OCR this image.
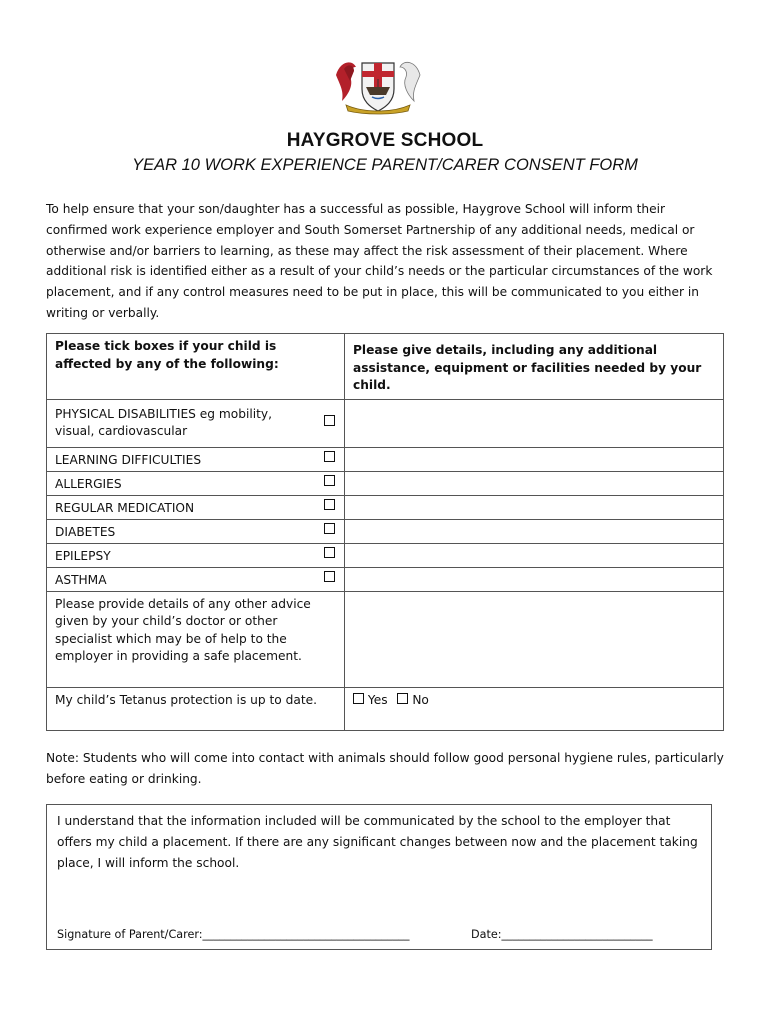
HAYGROVE SCHOOL
YEAR 10 WORK EXPERIENCE PARENT/CARER CONSENT FORM
To help ensure that your son/daughter has a successful as possible, Haygrove School will inform their confirmed work experience employer and South Somerset Partnership of any additional needs, medical or otherwise and/or barriers to learning, as these may affect the risk assessment of their placement. Where additional risk is identified either as a result of your child’s needs or the particular circumstances of the work placement, and if any control measures need to be put in place, this will be communicated to you either in writing or verbally.
Please tick boxes if your child is affected by any of the following:		Please give details, including any additional assistance, equipment or facilities needed by your child.
PHYSICAL DISABILITIES eg mobility, visual, cardiovascular		
LEARNING DIFFICULTIES		
ALLERGIES		
REGULAR MEDICATION		
DIABETES		
EPILEPSY		
ASTHMA		
Please provide details of any other advice given by your child’s doctor or other specialist which may be of help to the employer in providing a safe placement.		
My child’s Tetanus protection is up to date.		Yes No
Note: Students who will come into contact with animals should follow good personal hygiene rules, particularly before eating or drinking.
I understand that the information included will be communicated by the school to the employer that offers my child a placement. If there are any significant changes between now and the placement taking place, I will inform the school.
Signature of Parent/Carer:_____________________________________	Date:___________________________
